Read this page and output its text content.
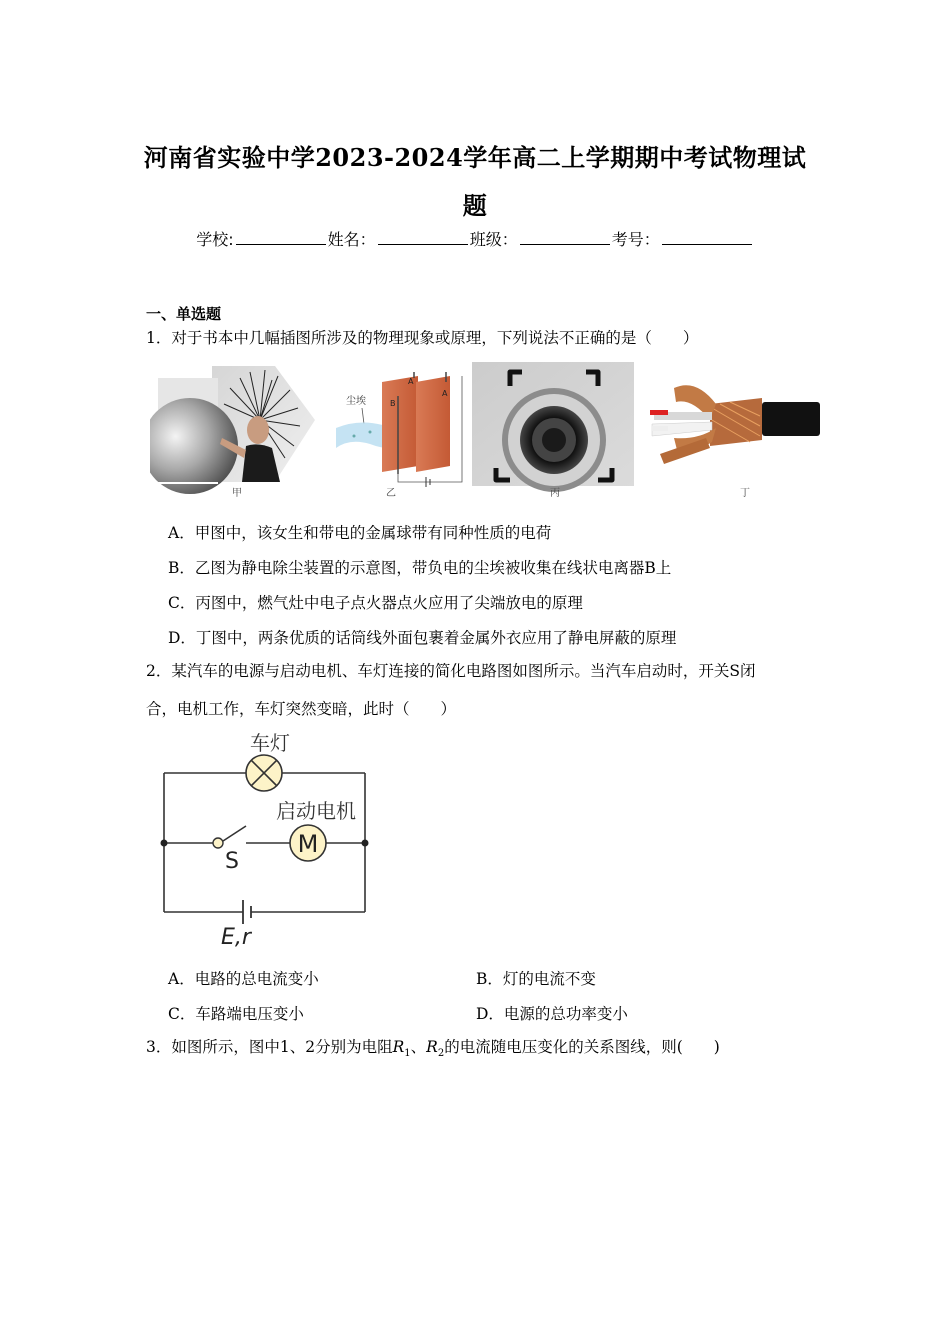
河南省实验中学2023-2024学年高二上学期期中考试物理试
题
学校:	姓名：	班级：	考号：
一、单选题
1．对于书本中几幅插图所涉及的物理现象或原理，下列说法不正确的是（　　）
甲
尘埃
A
A
B
乙	丙	丁
A．甲图中，该女生和带电的金属球带有同种性质的电荷
B．乙图为静电除尘装置的示意图，带负电的尘埃被收集在线状电离器B上
C．丙图中，燃气灶中电子点火器点火应用了尖端放电的原理
D．丁图中，两条优质的话筒线外面包裹着金属外衣应用了静电屏蔽的原理
2．某汽车的电源与启动电机、车灯连接的简化电路图如图所示。当汽车启动时，开关S闭
合，电机工作，车灯突然变暗，此时（　　）
M
车灯
启动电机
S
E,r
A．电路的总电流变小	B．灯的电流不变
C．车路端电压变小	D．电源的总功率变小
3．如图所示，图中1、2分别为电阻$R_1$、$R_2$的电流随电压变化的关系图线，则(　　)
